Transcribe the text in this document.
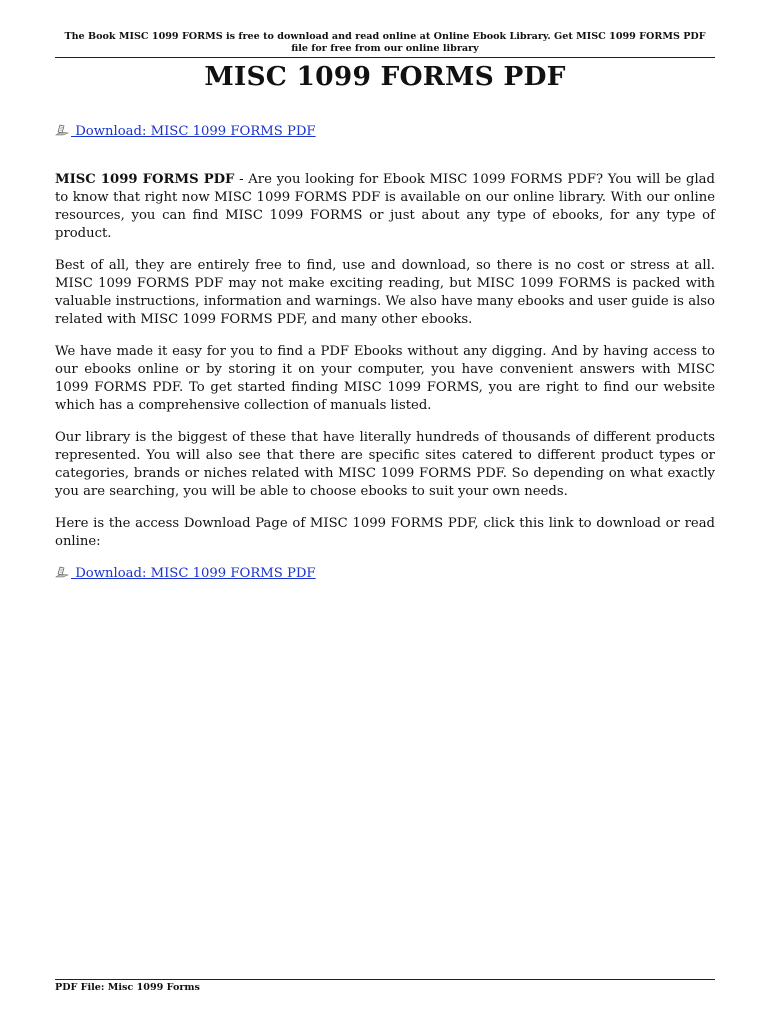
The Book MISC 1099 FORMS is free to download and read online at Online Ebook Library. Get MISC 1099 FORMS PDF file for free from our online library
MISC 1099 FORMS PDF
Download: MISC 1099 FORMS PDF

MISC 1099 FORMS PDF - Are you looking for Ebook MISC 1099 FORMS PDF? You will be glad to know that right now MISC 1099 FORMS PDF is available on our online library. With our online resources, you can find MISC 1099 FORMS or just about any type of ebooks, for any type of product.

Best of all, they are entirely free to find, use and download, so there is no cost or stress at all. MISC 1099 FORMS PDF may not make exciting reading, but MISC 1099 FORMS is packed with valuable instructions, information and warnings. We also have many ebooks and user guide is also related with MISC 1099 FORMS PDF, and many other ebooks.

We have made it easy for you to find a PDF Ebooks without any digging. And by having access to our ebooks online or by storing it on your computer, you have convenient answers with MISC 1099 FORMS PDF. To get started finding MISC 1099 FORMS, you are right to find our website which has a comprehensive collection of manuals listed.

Our library is the biggest of these that have literally hundreds of thousands of different products represented. You will also see that there are specific sites catered to different product types or categories, brands or niches related with MISC 1099 FORMS PDF. So depending on what exactly you are searching, you will be able to choose ebooks to suit your own needs.

Here is the access Download Page of MISC 1099 FORMS PDF, click this link to download or read online:

Download: MISC 1099 FORMS PDF
PDF File: Misc 1099 Forms
